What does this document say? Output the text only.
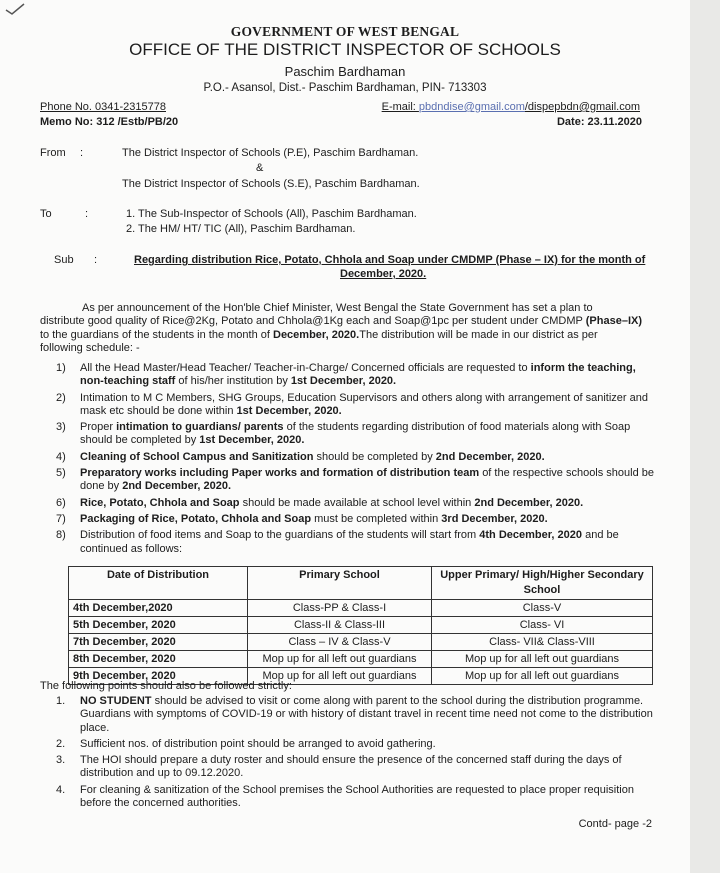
GOVERNMENT OF WEST BENGAL
OFFICE OF THE DISTRICT INSPECTOR OF SCHOOLS
Paschim Bardhaman
P.O.- Asansol, Dist.- Paschim Bardhaman, PIN- 713303
Phone No. 0341-2315778	E-mail: pbdndise@gmail.com/dispepbdn@gmail.com
Memo No: 312 /Estb/PB/20	Date: 23.11.2020
From :	The District Inspector of Schools (P.E), Paschim Bardhaman.
&
The District Inspector of Schools (S.E), Paschim Bardhaman.
To	:	1. The Sub-Inspector of Schools (All), Paschim Bardhaman.
2. The HM/ HT/ TIC (All), Paschim Bardhaman.
Sub :	Regarding distribution Rice, Potato, Chhola and Soap under CMDMP (Phase – IX) for the month of
December, 2020.
As per announcement of the Hon'ble Chief Minister, West Bengal the State Government has set a plan to
distribute good quality of Rice@2Kg, Potato and Chhola@1Kg each and Soap@1pc per student under CMDMP (Phase–IX)
to the guardians of the students in the month of December, 2020.The distribution will be made in our district as per
following schedule: -
1) All the Head Master/Head Teacher/ Teacher-in-Charge/ Concerned officials are requested to inform the teaching, non-teaching staff of his/her institution by 1st December, 2020.
2) Intimation to M C Members, SHG Groups, Education Supervisors and others along with arrangement of sanitizer and mask etc should be done within 1st December, 2020.
3) Proper intimation to guardians/ parents of the students regarding distribution of food materials along with Soap should be completed by 1st December, 2020.
4) Cleaning of School Campus and Sanitization should be completed by 2nd December, 2020.
5) Preparatory works including Paper works and formation of distribution team of the respective schools should be done by 2nd December, 2020.
6) Rice, Potato, Chhola and Soap should be made available at school level within 2nd December, 2020.
7) Packaging of Rice, Potato, Chhola and Soap must be completed within 3rd December, 2020.
8) Distribution of food items and Soap to the guardians of the students will start from 4th December, 2020 and be continued as follows:
Date of Distribution	Primary School	Upper Primary/ High/Higher Secondary School
4th December,2020	Class-PP & Class-I	Class-V
5th December, 2020	Class-II & Class-III	Class- VI
7th December, 2020	Class – IV & Class-V	Class- VII& Class-VIII
8th December, 2020	Mop up for all left out guardians	Mop up for all left out guardians
9th December, 2020	Mop up for all left out guardians	Mop up for all left out guardians
The following points should also be followed strictly:
1. NO STUDENT should be advised to visit or come along with parent to the school during the distribution programme. Guardians with symptoms of COVID-19 or with history of distant travel in recent time need not come to the distribution place.
2. Sufficient nos. of distribution point should be arranged to avoid gathering.
3. The HOI should prepare a duty roster and should ensure the presence of the concerned staff during the days of distribution and up to 09.12.2020.
4. For cleaning & sanitization of the School premises the School Authorities are requested to place proper requisition before the concerned authorities.
Contd- page -2
